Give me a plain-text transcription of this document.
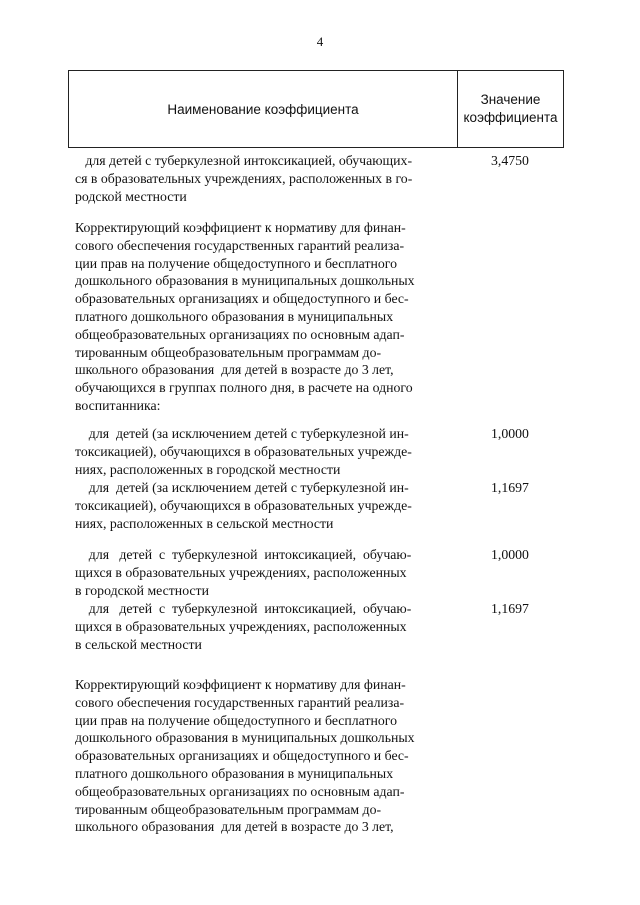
4
Наименование коэффициента
Значение
коэффициента
для детей с туберкулезной интоксикацией, обучающих-
ся в образовательных учреждениях, расположенных в го-
родской местности
3,4750
Корректирующий коэффициент к нормативу для финан-
сового обеспечения государственных гарантий реализа-
ции прав на получение общедоступного и бесплатного
дошкольного образования в муниципальных дошкольных
образовательных организациях и общедоступного и бес-
платного дошкольного образования в муниципальных
общеобразовательных организациях по основным адап-
тированным общеобразовательным программам до-
школьного образования  для детей в возрасте до 3 лет,
обучающихся в группах полного дня, в расчете на одного
воспитанника:
для  детей (за исключением детей с туберкулезной ин-
токсикацией), обучающихся в образовательных учрежде-
ниях, расположенных в городской местности
1,0000
для  детей (за исключением детей с туберкулезной ин-
токсикацией), обучающихся в образовательных учрежде-
ниях, расположенных в сельской местности
1,1697
для   детей  с  туберкулезной  интоксикацией,  обучаю-
щихся в образовательных учреждениях, расположенных
в городской местности
1,0000
для   детей  с  туберкулезной  интоксикацией,  обучаю-
щихся в образовательных учреждениях, расположенных
в сельской местности
1,1697
Корректирующий коэффициент к нормативу для финан-
сового обеспечения государственных гарантий реализа-
ции прав на получение общедоступного и бесплатного
дошкольного образования в муниципальных дошкольных
образовательных организациях и общедоступного и бес-
платного дошкольного образования в муниципальных
общеобразовательных организациях по основным адап-
тированным общеобразовательным программам до-
школьного образования  для детей в возрасте до 3 лет,
